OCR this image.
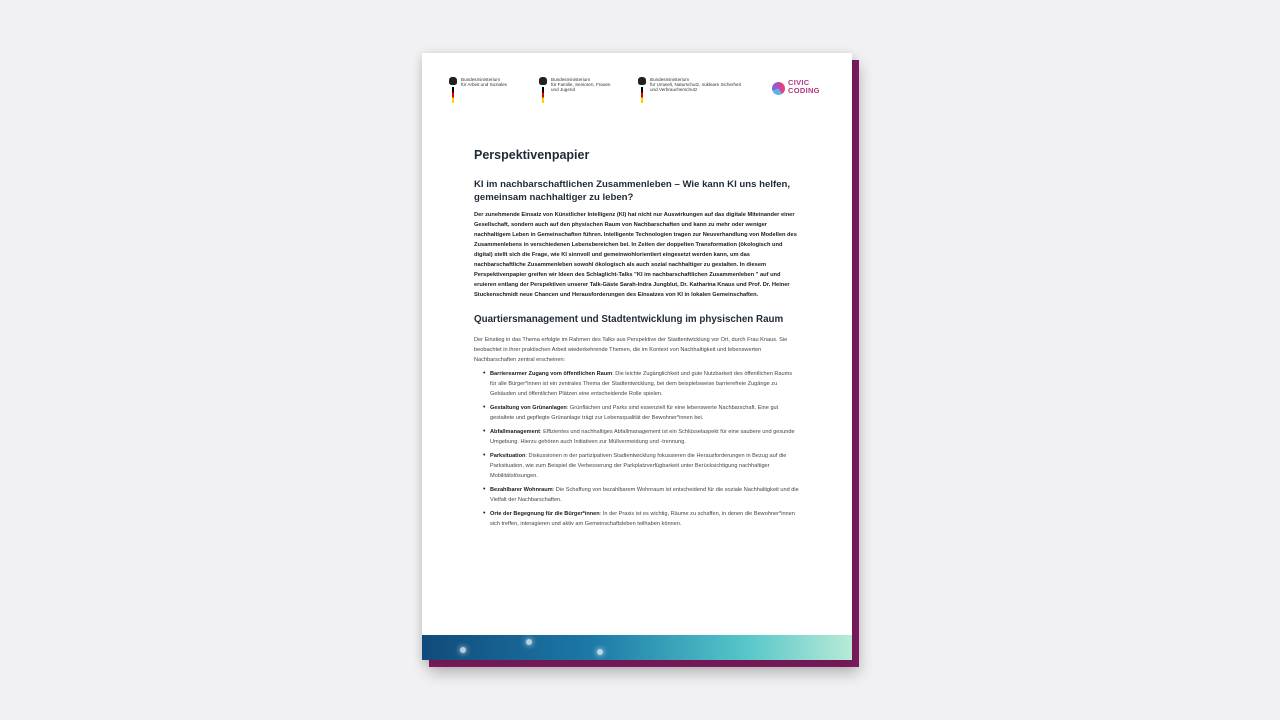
Bundesministerium
für Arbeit und Soziales
Bundesministerium
für Familie, Senioren, Frauen
und Jugend
Bundesministerium
für Umwelt, Naturschutz, nukleare Sicherheit
und Verbraucherschutz
CIVIC CODING
Perspektivenpapier
KI im nachbarschaftlichen Zusammenleben – Wie kann KI uns helfen, gemeinsam nachhaltiger zu leben?
Der zunehmende Einsatz von Künstlicher Intelligenz (KI) hat nicht nur Auswirkungen auf das digitale Miteinander einer Gesellschaft, sondern auch auf den physischen Raum von Nachbarschaften und kann zu mehr oder weniger nachhaltigem Leben in Gemeinschaften führen. Intelligente Technologien tragen zur Neuverhandlung von Modellen des Zusammenlebens in verschiedenen Lebensbereichen bei. In Zeiten der doppelten Transformation (ökologisch und digital) stellt sich die Frage, wie KI sinnvoll und gemeinwohlorientiert eingesetzt werden kann, um das nachbarschaftliche Zusammenleben sowohl ökologisch als auch sozial nachhaltiger zu gestalten. In diesem Perspektivenpapier greifen wir Ideen des Schlaglicht-Talks "KI im nachbarschaftlichen Zusammenleben " auf und eruieren entlang der Perspektiven unserer Talk-Gäste Sarah-Indra Jungblut, Dr. Katharina Knaus und Prof. Dr. Heiner Stuckenschmidt neue Chancen und Herausforderungen des Einsatzes von KI in lokalen Gemeinschaften.
Quartiersmanagement und Stadtentwicklung im physischen Raum
Der Einstieg in das Thema erfolgte im Rahmen des Talks aus Perspektive der Stadtentwicklung vor Ort, durch Frau Knaus. Sie beobachtet in ihrer praktischen Arbeit wiederkehrende Themen, die im Kontext von Nachhaltigkeit und lebenswerten Nachbarschaften zentral erscheinen:
• Barrierearmer Zugang vom öffentlichen Raum: Die leichte Zugänglichkeit und gute Nutzbarkeit des öffentlichen Raums für alle Bürger*innen ist ein zentrales Thema der Stadtentwicklung, bei dem beispielsweise barrierefreie Zugänge zu Gebäuden und öffentlichen Plätzen eine entscheidende Rolle spielen.
• Gestaltung von Grünanlagen: Grünflächen und Parks sind essenziell für eine lebenswerte Nachbarschaft. Eine gut gestaltete und gepflegte Grünanlage trägt zur Lebensqualität der Bewohner*innen bei.
• Abfallmanagement: Effizientes und nachhaltiges Abfallmanagement ist ein Schlüsselaspekt für eine saubere und gesunde Umgebung. Hierzu gehören auch Initiativen zur Müllvermeidung und -trennung.
• Parksituation: Diskussionen in der partizipativen Stadtentwicklung fokussieren die Herausforderungen in Bezug auf die Parksituation, wie zum Beispiel die Verbesserung der Parkplatzverfügbarkeit unter Berücksichtigung nachhaltiger Mobilitätslösungen.
• Bezahlbarer Wohnraum: Die Schaffung von bezahlbarem Wohnraum ist entscheidend für die soziale Nachhaltigkeit und die Vielfalt der Nachbarschaften.
• Orte der Begegnung für die Bürger*innen: In der Praxis ist es wichtig, Räume zu schaffen, in denen die Bewohner*innen sich treffen, interagieren und aktiv am Gemeinschaftsleben teilhaben können.
